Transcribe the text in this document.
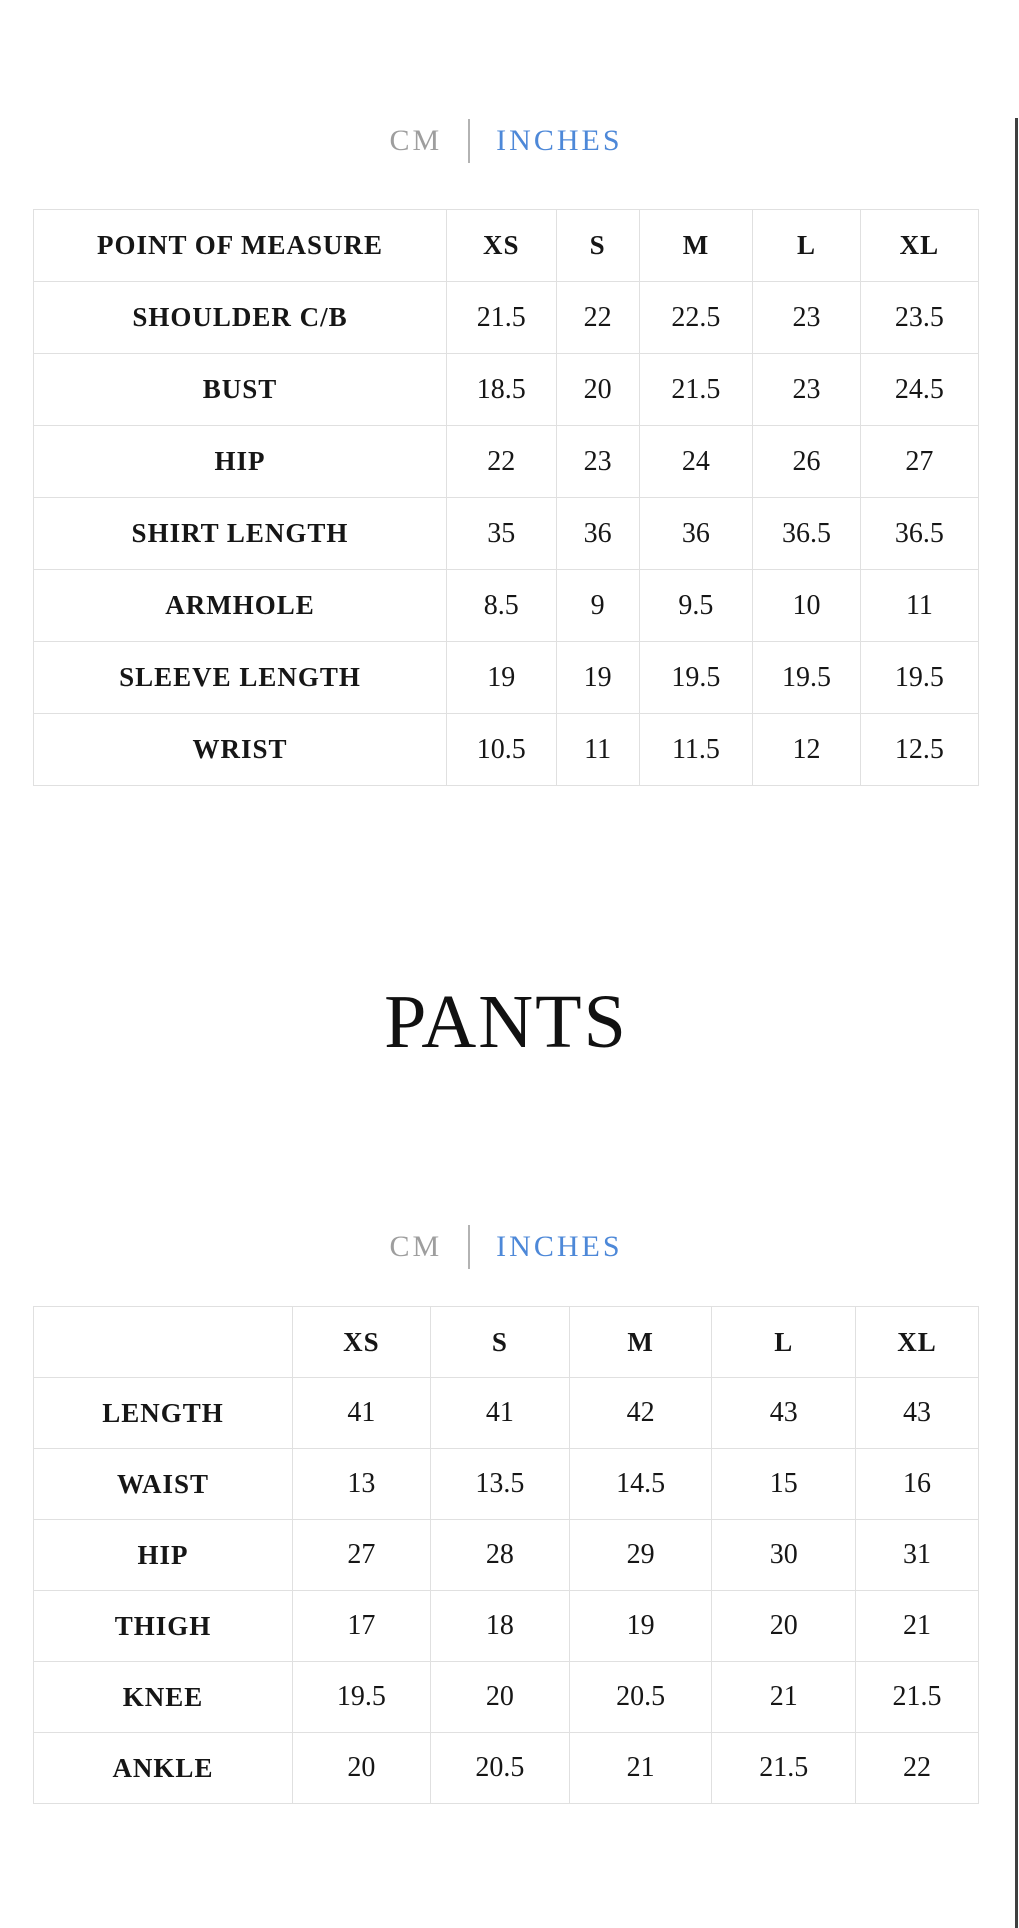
CM INCHES
POINT OF MEASURE	XS	S	M	L	XL
SHOULDER C/B	21.5	22	22.5	23	23.5
BUST	18.5	20	21.5	23	24.5
HIP	22	23	24	26	27
SHIRT LENGTH	35	36	36	36.5	36.5
ARMHOLE	8.5	9	9.5	10	11
SLEEVE LENGTH	19	19	19.5	19.5	19.5
WRIST	10.5	11	11.5	12	12.5
PANTS
CM INCHES
	XS	S	M	L	XL
LENGTH	41	41	42	43	43
WAIST	13	13.5	14.5	15	16
HIP	27	28	29	30	31
THIGH	17	18	19	20	21
KNEE	19.5	20	20.5	21	21.5
ANKLE	20	20.5	21	21.5	22
